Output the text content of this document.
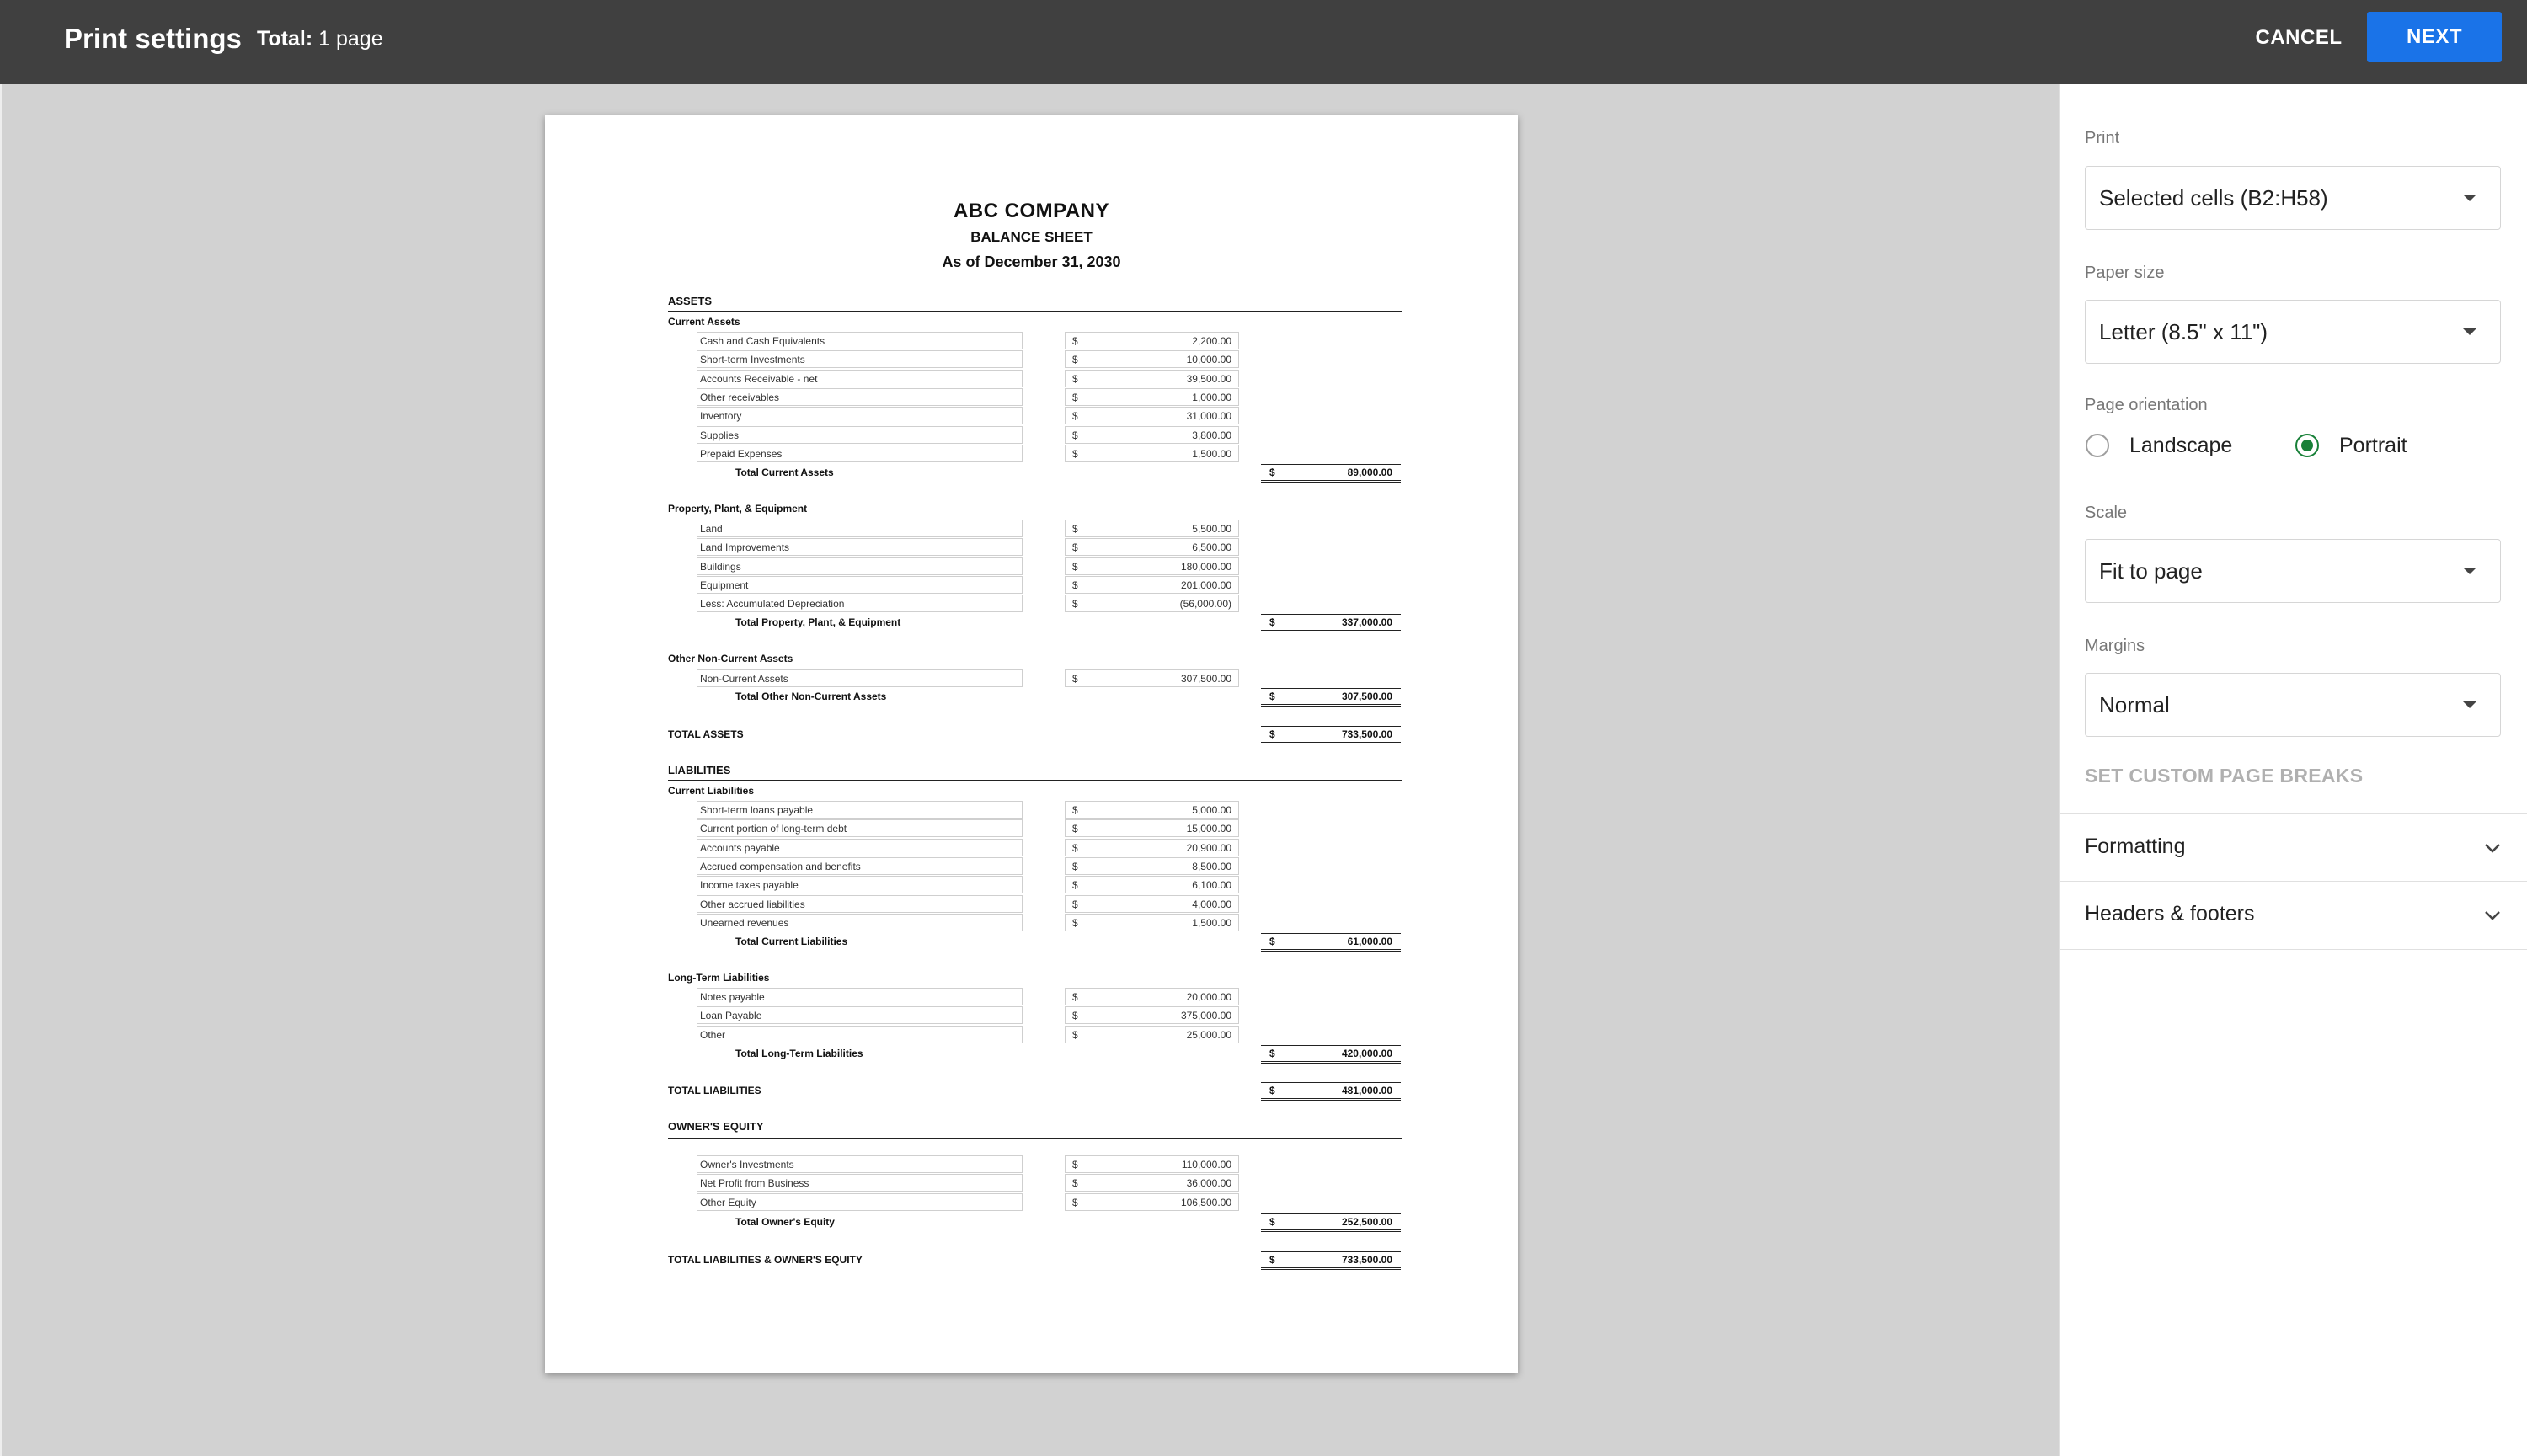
Print settings Total: 1 page	CANCEL	NEXT
ABC COMPANY
BALANCE SHEET
As of December 31, 2030
ASSETS
Current Assets
Cash and Cash Equivalents	$	2,200.00
Short-term Investments	$	10,000.00
Accounts Receivable - net	$	39,500.00
Other receivables	$	1,000.00
Inventory	$	31,000.00
Supplies	$	3,800.00
Prepaid Expenses	$	1,500.00
Total Current Assets	$	89,000.00
Property, Plant, & Equipment
Land	$	5,500.00
Land Improvements	$	6,500.00
Buildings	$	180,000.00
Equipment	$	201,000.00
Less: Accumulated Depreciation	$	(56,000.00)
Total Property, Plant, & Equipment	$	337,000.00
Other Non-Current Assets
Non-Current Assets	$	307,500.00
Total Other Non-Current Assets	$	307,500.00
TOTAL ASSETS	$	733,500.00
LIABILITIES
Current Liabilities
Short-term loans payable	$	5,000.00
Current portion of long-term debt	$	15,000.00
Accounts payable	$	20,900.00
Accrued compensation and benefits	$	8,500.00
Income taxes payable	$	6,100.00
Other accrued liabilities	$	4,000.00
Unearned revenues	$	1,500.00
Total Current Liabilities	$	61,000.00
Long-Term Liabilities
Notes payable	$	20,000.00
Loan Payable	$	375,000.00
Other	$	25,000.00
Total Long-Term Liabilities	$	420,000.00
TOTAL LIABILITIES	$	481,000.00
OWNER'S EQUITY
Owner's Investments	$	110,000.00
Net Profit from Business	$	36,000.00
Other Equity	$	106,500.00
Total Owner's Equity	$	252,500.00
TOTAL LIABILITIES & OWNER'S EQUITY	$	733,500.00
Print
Selected cells (B2:H58)
Paper size
Letter (8.5" x 11")
Page orientation
Landscape	Portrait
Scale
Fit to page
Margins
Normal
SET CUSTOM PAGE BREAKS
Formatting
Headers & footers
